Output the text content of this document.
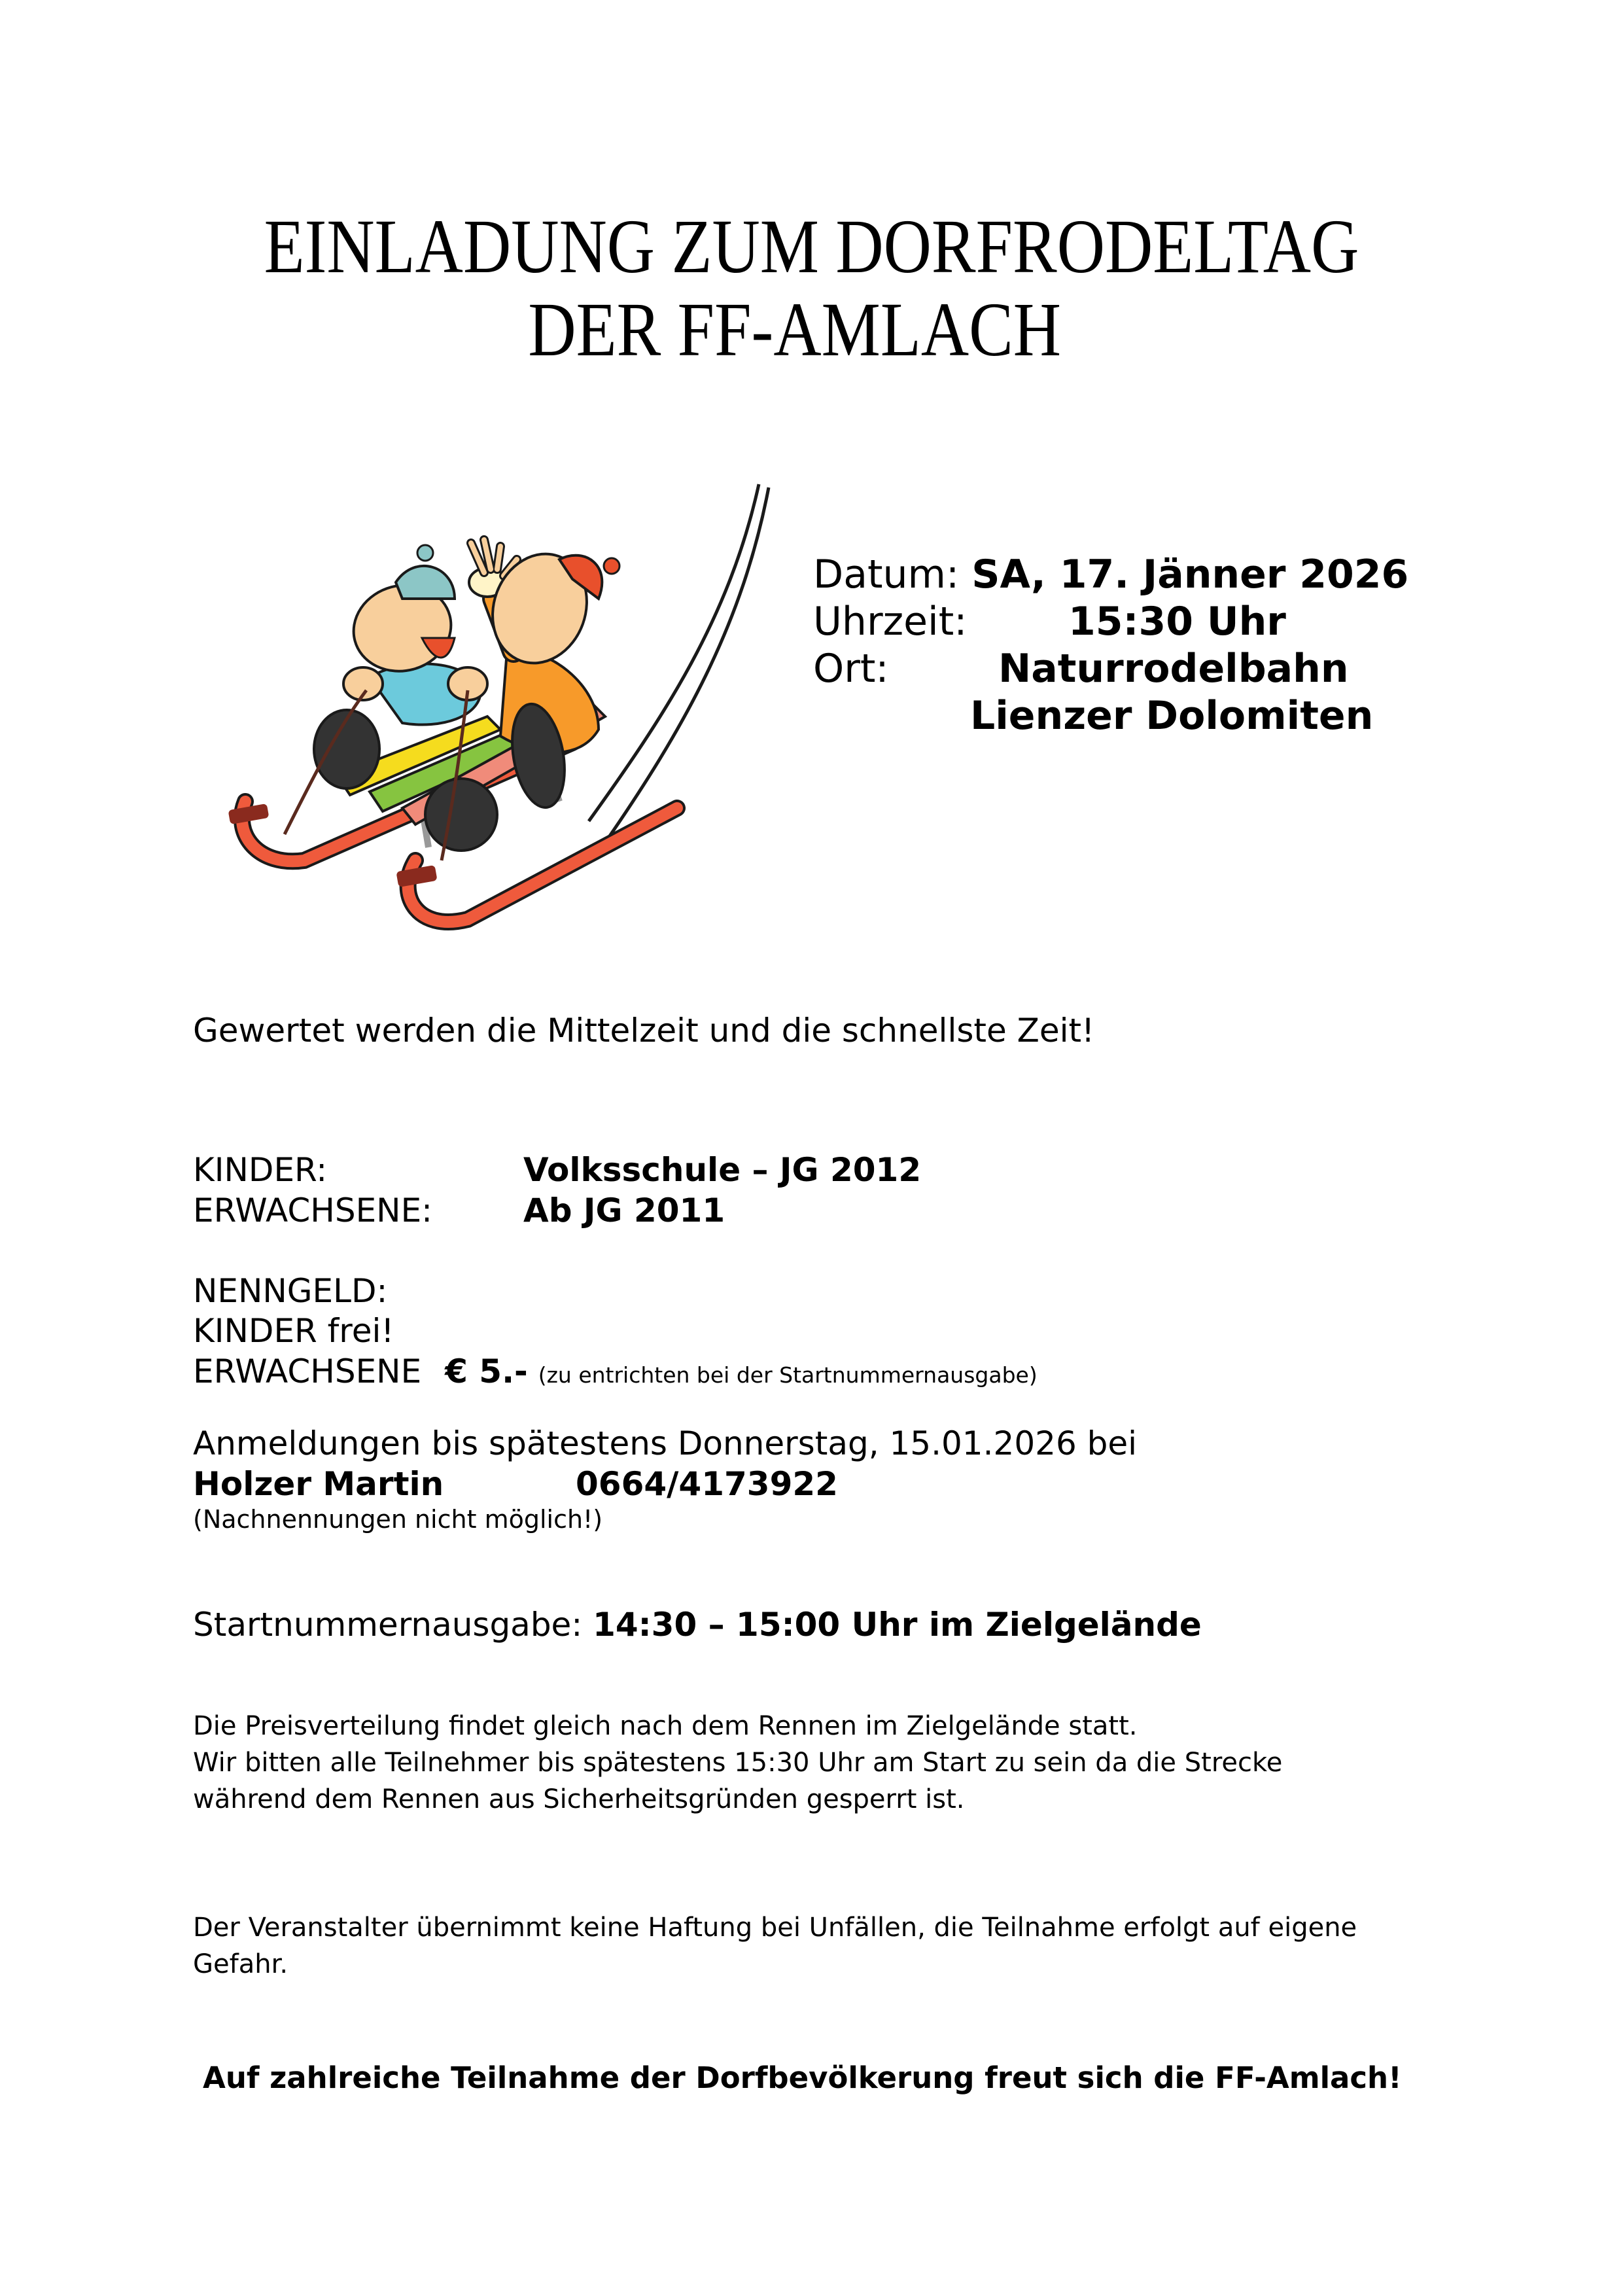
EINLADUNG ZUM DORFRODELTAG
DER FF-AMLACH
Datum: SA, 17. Jänner 2026
Uhrzeit:	15:30 Uhr
Ort:	Naturrodelbahn
Lienzer Dolomiten
Gewertet werden die Mittelzeit und die schnellste Zeit!
KINDER:	Volksschule – JG 2012
ERWACHSENE:	Ab JG 2011
NENNGELD:
KINDER frei!
ERWACHSENE € 5.- (zu entrichten bei der Startnummernausgabe)
Anmeldungen bis spätestens Donnerstag, 15.01.2026 bei
Holzer Martin	0664/4173922
(Nachnennungen nicht möglich!)
Startnummernausgabe: 14:30 – 15:00 Uhr im Zielgelände
Die Preisverteilung findet gleich nach dem Rennen im Zielgelände statt.
Wir bitten alle Teilnehmer bis spätestens 15:30 Uhr am Start zu sein da die Strecke
während dem Rennen aus Sicherheitsgründen gesperrt ist.
Der Veranstalter übernimmt keine Haftung bei Unfällen, die Teilnahme erfolgt auf eigene
Gefahr.
Auf zahlreiche Teilnahme der Dorfbevölkerung freut sich die FF-Amlach!
